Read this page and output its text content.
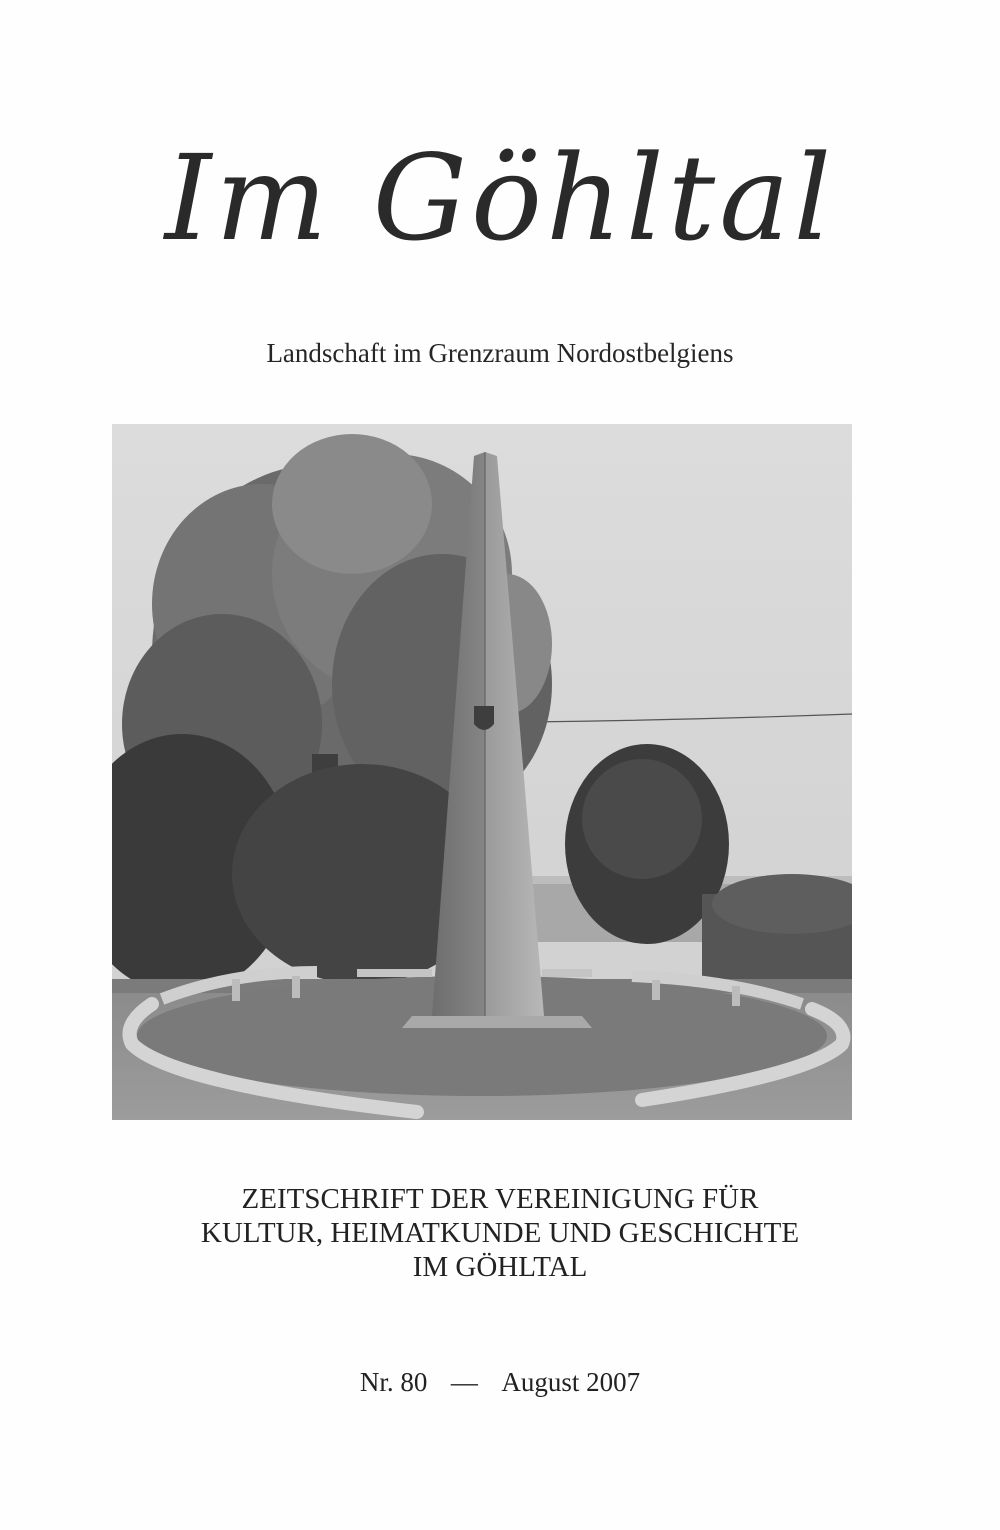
Im Göhltal
Landschaft im Grenzraum Nordostbelgiens
ZEITSCHRIFT DER VEREINIGUNG FÜR
KULTUR, HEIMATKUNDE UND GESCHICHTE
IM GÖHLTAL
Nr. 80 — August 2007
